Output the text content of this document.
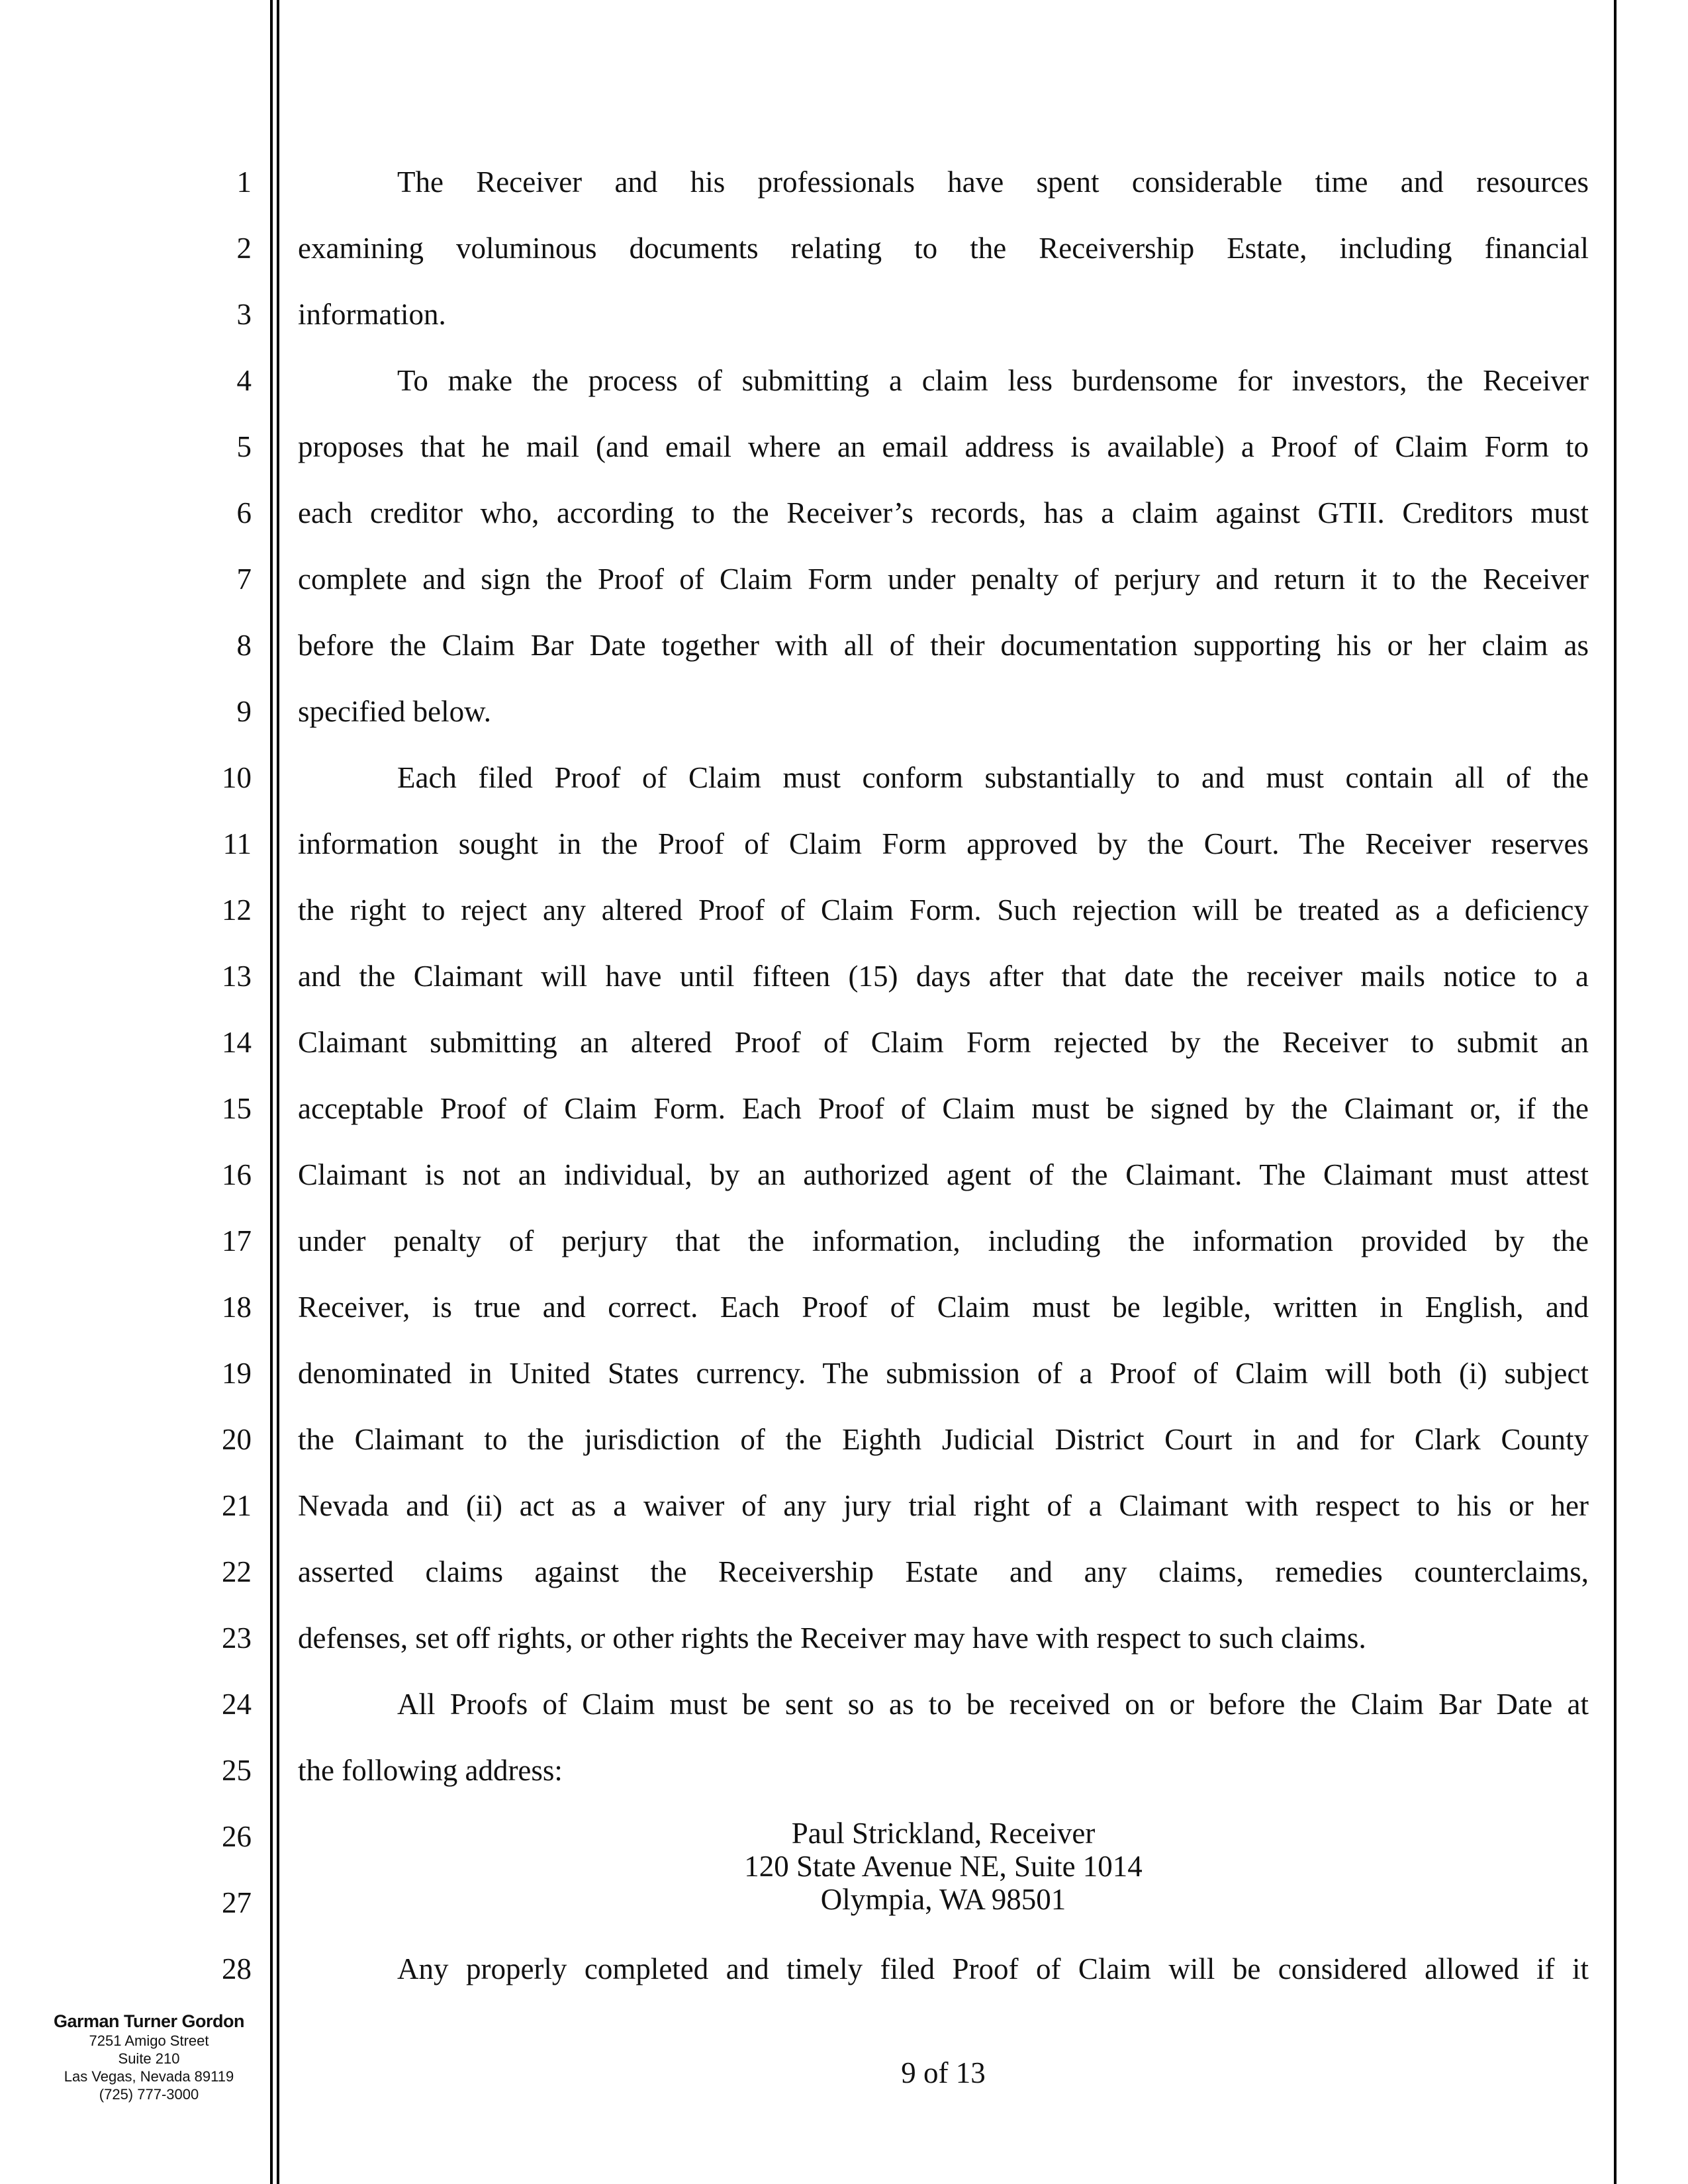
1
2
3
4
5
6
7
8
9
10
11
12
13
14
15
16
17
18
19
20
21
22
23
24
25
26
27
28
The Receiver and his professionals have spent considerable time and resources
examining voluminous documents relating to the Receivership Estate, including financial
information.
To make the process of submitting a claim less burdensome for investors, the Receiver
proposes that he mail (and email where an email address is available) a Proof of Claim Form to
each creditor who, according to the Receiver’s records, has a claim against GTII. Creditors must
complete and sign the Proof of Claim Form under penalty of perjury and return it to the Receiver
before the Claim Bar Date together with all of their documentation supporting his or her claim as
specified below.
Each filed Proof of Claim must conform substantially to and must contain all of the
information sought in the Proof of Claim Form approved by the Court. The Receiver reserves
the right to reject any altered Proof of Claim Form. Such rejection will be treated as a deficiency
and the Claimant will have until fifteen (15) days after that date the receiver mails notice to a
Claimant submitting an altered Proof of Claim Form rejected by the Receiver to submit an
acceptable Proof of Claim Form. Each Proof of Claim must be signed by the Claimant or, if the
Claimant is not an individual, by an authorized agent of the Claimant. The Claimant must attest
under penalty of perjury that the information, including the information provided by the
Receiver, is true and correct. Each Proof of Claim must be legible, written in English, and
denominated in United States currency. The submission of a Proof of Claim will both (i) subject
the Claimant to the jurisdiction of the Eighth Judicial District Court in and for Clark County
Nevada and (ii) act as a waiver of any jury trial right of a Claimant with respect to his or her
asserted claims against the Receivership Estate and any claims, remedies counterclaims,
defenses, set off rights, or other rights the Receiver may have with respect to such claims.
All Proofs of Claim must be sent so as to be received on or before the Claim Bar Date at
the following address:
Paul Strickland, Receiver
120 State Avenue NE, Suite 1014
Olympia, WA 98501
Any properly completed and timely filed Proof of Claim will be considered allowed if it
Garman Turner Gordon
7251 Amigo Street
Suite 210
Las Vegas, Nevada 89119
(725) 777-3000
9 of 13
